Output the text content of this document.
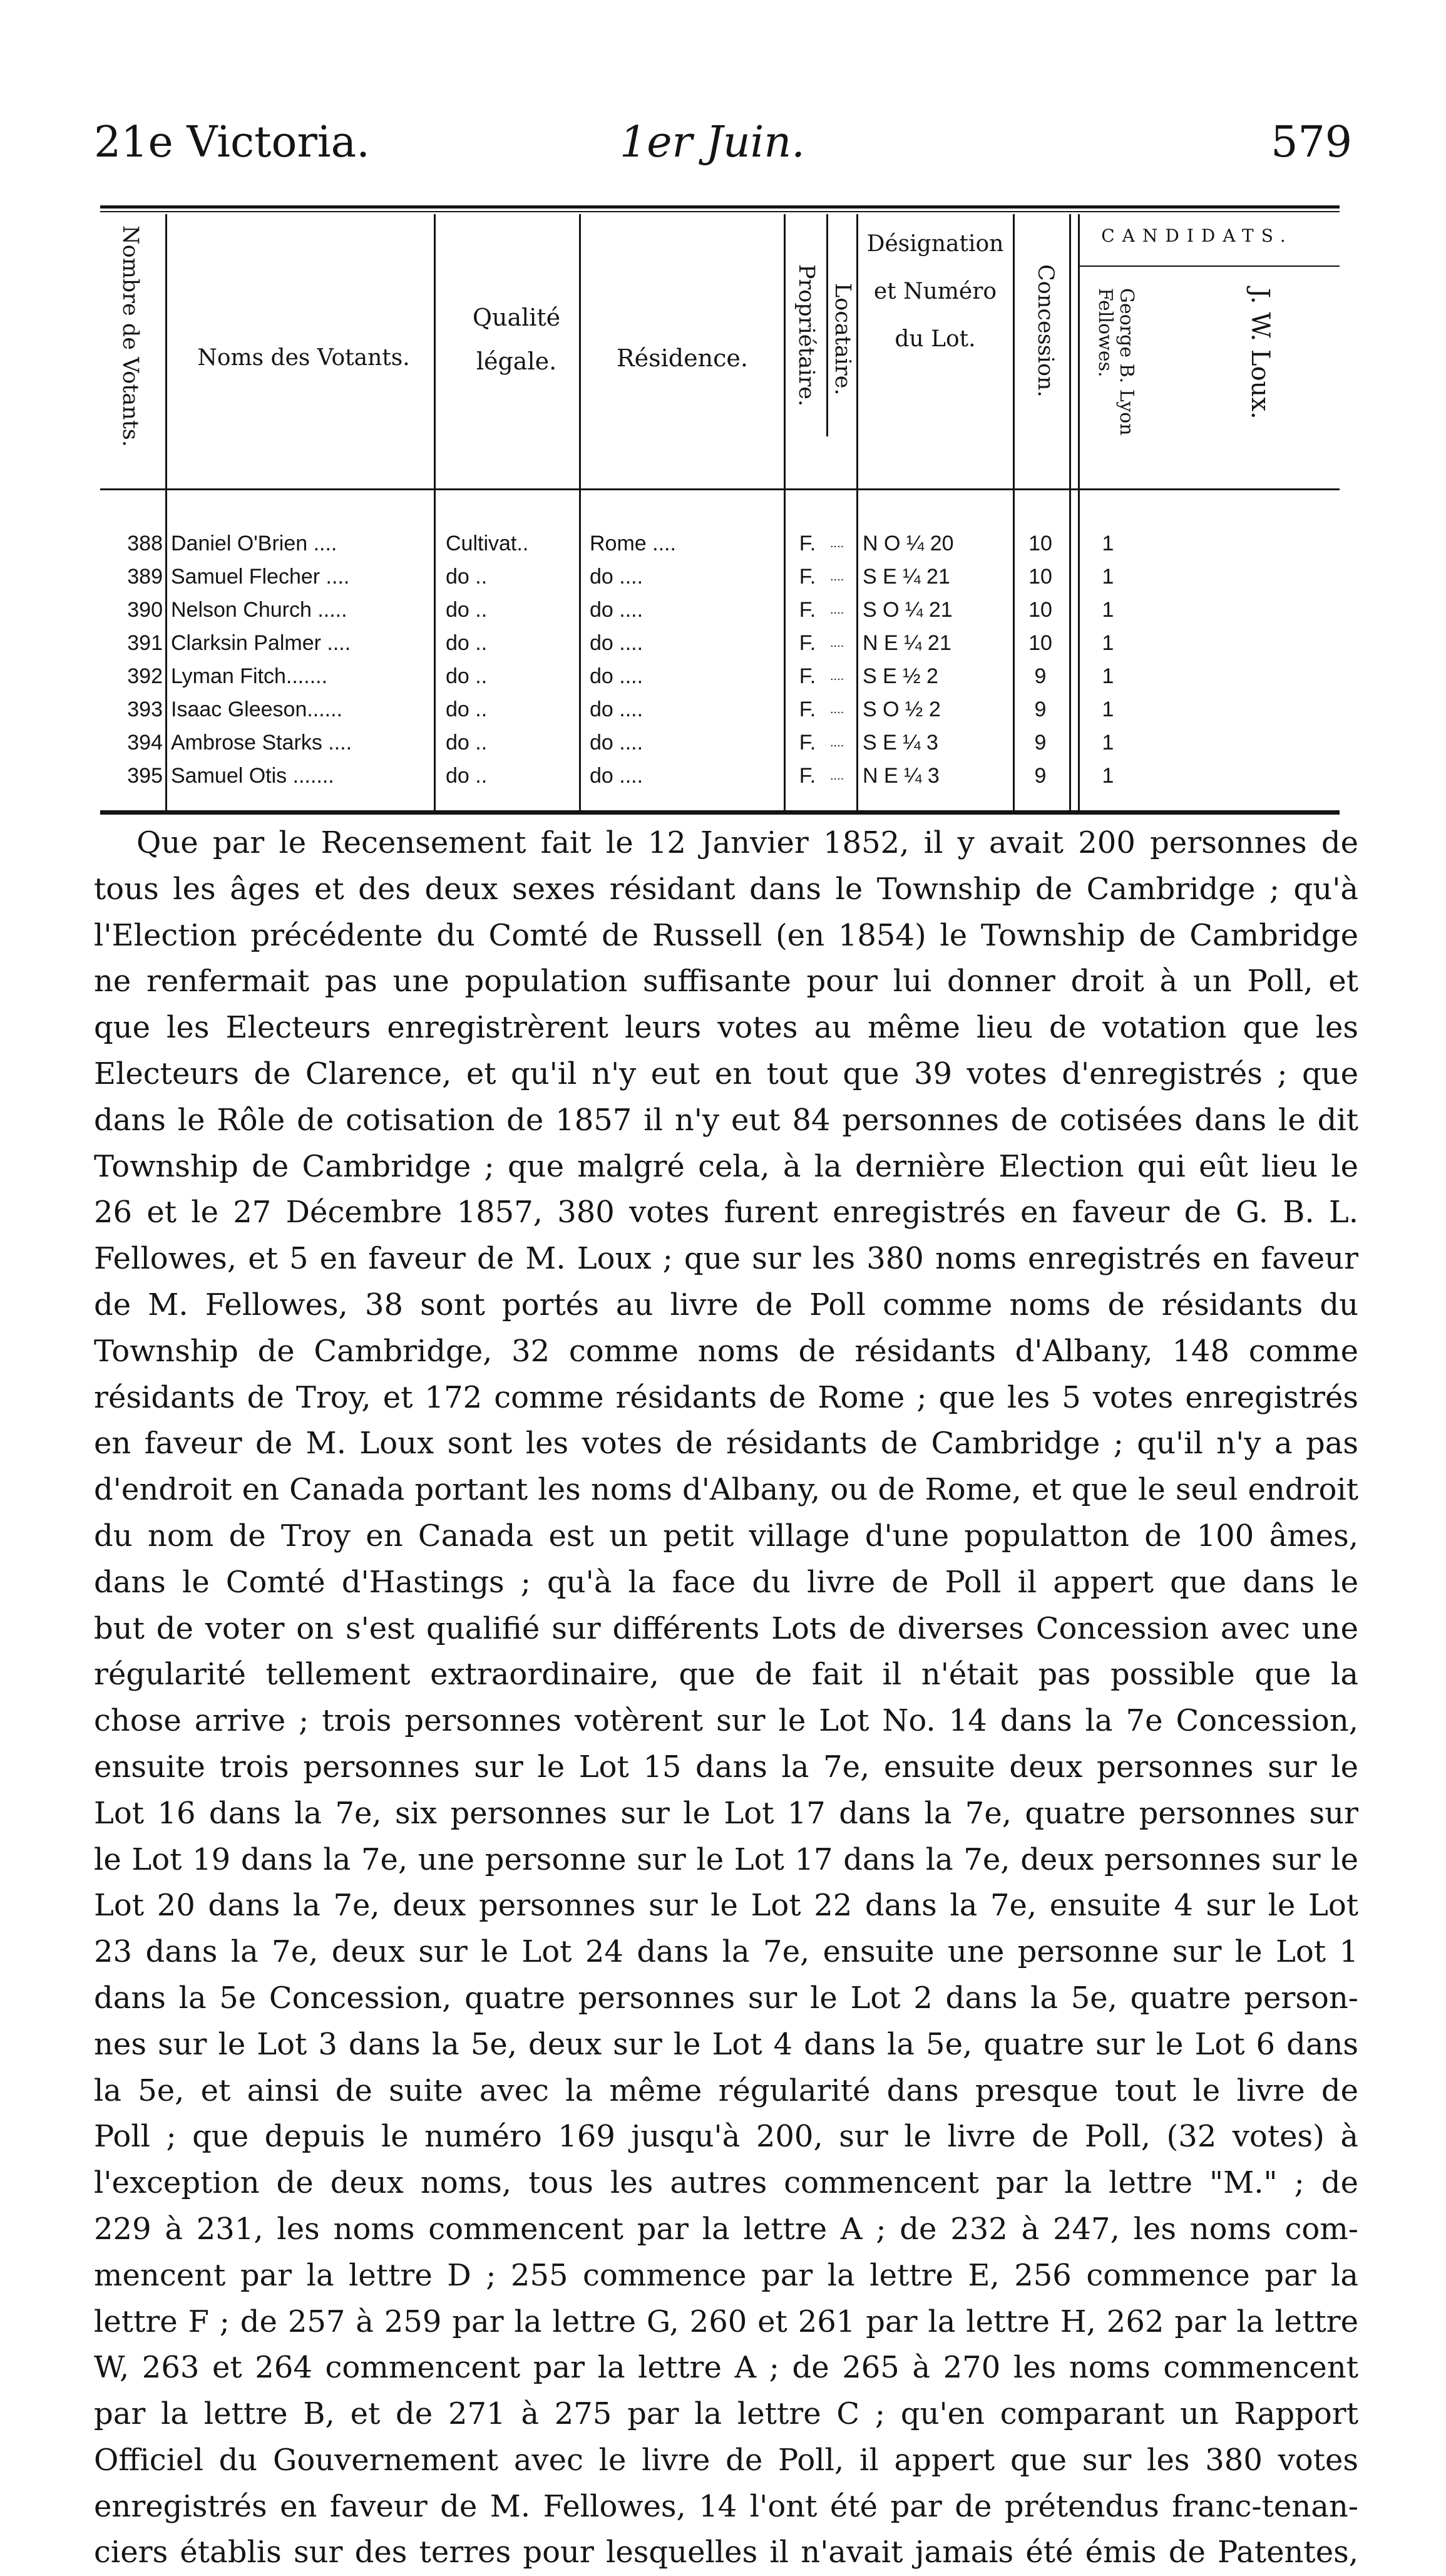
21e Victoria.	1er Juin.	579
Nombre de Votants.	Noms des Votants.
Qualité légale.	Résidence.	Propriétaire. Locataire.
Désignation et Numéro du Lot.	Concession.
CANDIDATS.
George B. Lyon Fellowes.	J. W. Loux.
388 Daniel O'Brien ....	Cultivat..	Rome ....	F.	.... N O ¼ 20	10	1
389 Samuel Flecher ....	do ..	do ....	F.	.... S E ¼ 21	10	1
390 Nelson Church .....	do ..	do ....	F.	.... S O ¼ 21	10	1
391 Clarksin Palmer ....	do ..	do ....	F.	.... N E ¼ 21	10	1
392 Lyman Fitch.......	do ..	do ....	F.	.... S E ½ 2	9	1
393 Isaac Gleeson......	do ..	do ....	F.	.... S O ½ 2	9	1
394 Ambrose Starks ....	do ..	do ....	F.	.... S E ¼ 3	9	1
395 Samuel Otis .......	do ..	do ....	F.	.... N E ¼ 3	9	1
Que par le Recensement fait le 12 Janvier 1852, il y avait 200 personnes de
tous les âges et des deux sexes résidant dans le Township de Cambridge ; qu'à
l'Election précédente du Comté de Russell (en 1854) le Township de Cambridge
ne renfermait pas une population suffisante pour lui donner droit à un Poll, et
que les Electeurs enregistrèrent leurs votes au même lieu de votation que les
Electeurs de Clarence, et qu'il n'y eut en tout que 39 votes d'enregistrés ; que
dans le Rôle de cotisation de 1857 il n'y eut 84 personnes de cotisées dans le dit
Township de Cambridge ; que malgré cela, à la dernière Election qui eût lieu le
26 et le 27 Décembre 1857, 380 votes furent enregistrés en faveur de G. B. L.
Fellowes, et 5 en faveur de M. Loux ; que sur les 380 noms enregistrés en faveur
de M. Fellowes, 38 sont portés au livre de Poll comme noms de résidants du
Township de Cambridge, 32 comme noms de résidants d'Albany, 148 comme
résidants de Troy, et 172 comme résidants de Rome ; que les 5 votes enregistrés
en faveur de M. Loux sont les votes de résidants de Cambridge ; qu'il n'y a pas
d'endroit en Canada portant les noms d'Albany, ou de Rome, et que le seul endroit
du nom de Troy en Canada est un petit village d'une populatton de 100 âmes,
dans le Comté d'Hastings ; qu'à la face du livre de Poll il appert que dans le
but de voter on s'est qualifié sur différents Lots de diverses Concession avec une
régularité tellement extraordinaire, que de fait il n'était pas possible que la
chose arrive ; trois personnes votèrent sur le Lot No. 14 dans la 7e Concession,
ensuite trois personnes sur le Lot 15 dans la 7e, ensuite deux personnes sur le
Lot 16 dans la 7e, six personnes sur le Lot 17 dans la 7e, quatre personnes sur
le Lot 19 dans la 7e, une personne sur le Lot 17 dans la 7e, deux personnes sur le
Lot 20 dans la 7e, deux personnes sur le Lot 22 dans la 7e, ensuite 4 sur le Lot
23 dans la 7e, deux sur le Lot 24 dans la 7e, ensuite une personne sur le Lot 1
dans la 5e Concession, quatre personnes sur le Lot 2 dans la 5e, quatre person-
nes sur le Lot 3 dans la 5e, deux sur le Lot 4 dans la 5e, quatre sur le Lot 6 dans
la 5e, et ainsi de suite avec la même régularité dans presque tout le livre de
Poll ; que depuis le numéro 169 jusqu'à 200, sur le livre de Poll, (32 votes) à
l'exception de deux noms, tous les autres commencent par la lettre "M." ; de
229 à 231, les noms commencent par la lettre A ; de 232 à 247, les noms com-
mencent par la lettre D ; 255 commence par la lettre E, 256 commence par la
lettre F ; de 257 à 259 par la lettre G, 260 et 261 par la lettre H, 262 par la lettre
W, 263 et 264 commencent par la lettre A ; de 265 à 270 les noms commencent
par la lettre B, et de 271 à 275 par la lettre C ; qu'en comparant un Rapport
Officiel du Gouvernement avec le livre de Poll, il appert que sur les 380 votes
enregistrés en faveur de M. Fellowes, 14 l'ont été par de prétendus franc-tenan-
ciers établis sur des terres pour lesquelles il n'avait jamais été émis de Patentes,
